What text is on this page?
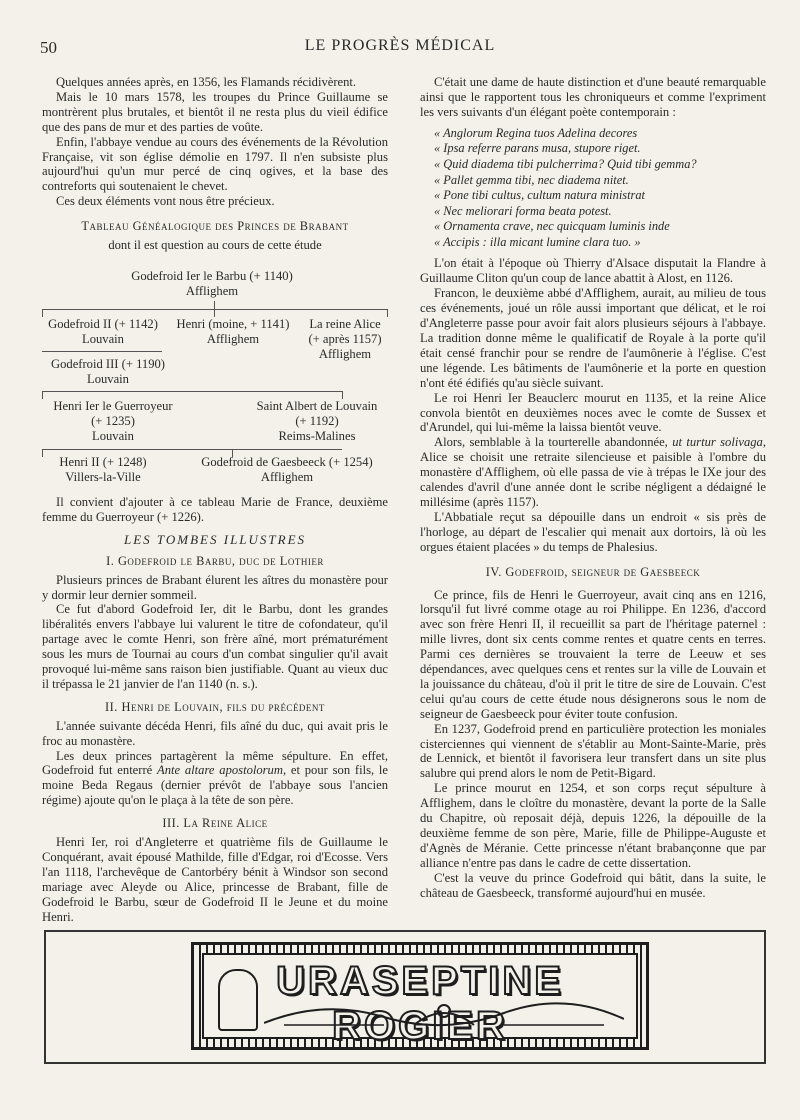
50	LE PROGRÈS MÉDICAL

Quelques années après, en 1356, les Flamands récidivèrent.

Mais le 10 mars 1578, les troupes du Prince Guillaume se montrèrent plus brutales, et bientôt il ne resta plus du vieil édifice que des pans de mur et des parties de voûte.

Enfin, l'abbaye vendue au cours des événements de la Révolution Française, vit son église démolie en 1797. Il n'en subsiste plus aujourd'hui qu'un mur percé de cinq ogives, et la base des contreforts qui soutenaient le chevet.

Ces deux éléments vont nous être précieux.

Tableau Généalogique des Princes de Brabant
dont il est question au cours de cette étude
Godefroid Ier le Barbu (+ 1140)
Afflighem
Godefroid II (+ 1142)
Louvain
Henri (moine, + 1141)
Afflighem
La reine Alice
(+ après 1157)
Afflighem
Godefroid III (+ 1190)
Louvain
Henri Ier le Guerroyeur
(+ 1235)
Louvain
Saint Albert de Louvain
(+ 1192)
Reims-Malines
Henri II (+ 1248)
Villers-la-Ville
Godefroid de Gaesbeeck (+ 1254)
Afflighem

Il convient d'ajouter à ce tableau Marie de France, deuxième femme du Guerroyeur (+ 1226).

LES TOMBES ILLUSTRES
I. Godefroid le Barbu, duc de Lothier

Plusieurs princes de Brabant élurent les aîtres du monastère pour y dormir leur dernier sommeil.

Ce fut d'abord Godefroid Ier, dit le Barbu, dont les grandes libéralités envers l'abbaye lui valurent le titre de cofondateur, qu'il partage avec le comte Henri, son frère aîné, mort prématurément sous les murs de Tournai au cours d'un combat singulier qu'il avait provoqué lui-même sans raison bien justifiable. Quant au vieux duc il trépassa le 21 janvier de l'an 1140 (n. s.).

II. Henri de Louvain, fils du précédent

L'année suivante décéda Henri, fils aîné du duc, qui avait pris le froc au monastère.

Les deux princes partagèrent la même sépulture. En effet, Godefroid fut enterré Ante altare apostolorum, et pour son fils, le moine Beda Regaus (dernier prévôt de l'abbaye sous l'ancien régime) ajoute qu'on le plaça à la tête de son père.

III. La Reine Alice

Henri Ier, roi d'Angleterre et quatrième fils de Guillaume le Conquérant, avait épousé Mathilde, fille d'Edgar, roi d'Ecosse. Vers l'an 1118, l'archevêque de Cantorbéry bénit à Windsor son second mariage avec Aleyde ou Alice, princesse de Brabant, fille de Godefroid le Barbu, sœur de Godefroid II le Jeune et du moine Henri.

C'était une dame de haute distinction et d'une beauté remarquable ainsi que le rapportent tous les chroniqueurs et comme l'expriment les vers suivants d'un élégant poète contemporain :

« Anglorum Regina tuos Adelina decores
« Ipsa referre parans musa, stupore riget.
« Quid diadema tibi pulcherrima? Quid tibi gemma?
« Pallet gemma tibi, nec diadema nitet.
« Pone tibi cultus, cultum natura ministrat
« Nec meliorari forma beata potest.
« Ornamenta crave, nec quicquam luminis inde
« Accipis : illa micant lumine clara tuo. »

L'on était à l'époque où Thierry d'Alsace disputait la Flandre à Guillaume Cliton qu'un coup de lance abattit à Alost, en 1126.

Francon, le deuxième abbé d'Afflighem, aurait, au milieu de tous ces événements, joué un rôle aussi important que délicat, et le roi d'Angleterre passe pour avoir fait alors plusieurs séjours à l'abbaye. La tradition donne même le qualificatif de Royale à la porte qu'il était censé franchir pour se rendre de l'aumônerie à l'église. C'est une légende. Les bâtiments de l'aumônerie et la porte en question n'ont été édifiés qu'au siècle suivant.

Le roi Henri Ier Beauclerc mourut en 1135, et la reine Alice convola bientôt en deuxièmes noces avec le comte de Sussex et d'Arundel, qui lui-même la laissa bientôt veuve.

Alors, semblable à la tourterelle abandonnée, ut turtur solivaga, Alice se choisit une retraite silencieuse et paisible à l'ombre du monastère d'Afflighem, où elle passa de vie à trépas le IXe jour des calendes d'avril d'une année dont le scribe négligent a dédaigné le millésime (après 1157).

L'Abbatiale reçut sa dépouille dans un endroit « sis près de l'horloge, au départ de l'escalier qui menait aux dortoirs, là où les orgues étaient placées » du temps de Phalesius.

IV. Godefroid, seigneur de Gaesbeeck

Ce prince, fils de Henri le Guerroyeur, avait cinq ans en 1216, lorsqu'il fut livré comme otage au roi Philippe. En 1236, d'accord avec son frère Henri II, il recueillit sa part de l'héritage paternel : mille livres, dont six cents comme rentes et quatre cents en terres. Parmi ces dernières se trouvaient la terre de Leeuw et ses dépendances, avec quelques cens et rentes sur la ville de Louvain et la jouissance du château, d'où il prit le titre de sire de Louvain. C'est celui qu'au cours de cette étude nous désignerons sous le nom de seigneur de Gaesbeeck pour éviter toute confusion.

En 1237, Godefroid prend en particulière protection les moniales cisterciennes qui viennent de s'établir au Mont-Sainte-Marie, près de Lennick, et bientôt il favorisera leur transfert dans un site plus salubre qui prend alors le nom de Petit-Bigard.

Le prince mourut en 1254, et son corps reçut sépulture à Afflighem, dans le cloître du monastère, devant la porte de la Salle du Chapitre, où reposait déjà, depuis 1226, la dépouille de la deuxième femme de son père, Marie, fille de Philippe-Auguste et d'Agnès de Méranie. Cette princesse n'étant brabançonne que par alliance n'entre pas dans le cadre de cette dissertation.

C'est la veuve du prince Godefroid qui bâtit, dans la suite, le château de Gaesbeeck, transformé aujourd'hui en musée.

URASEPTINE ROGIER
